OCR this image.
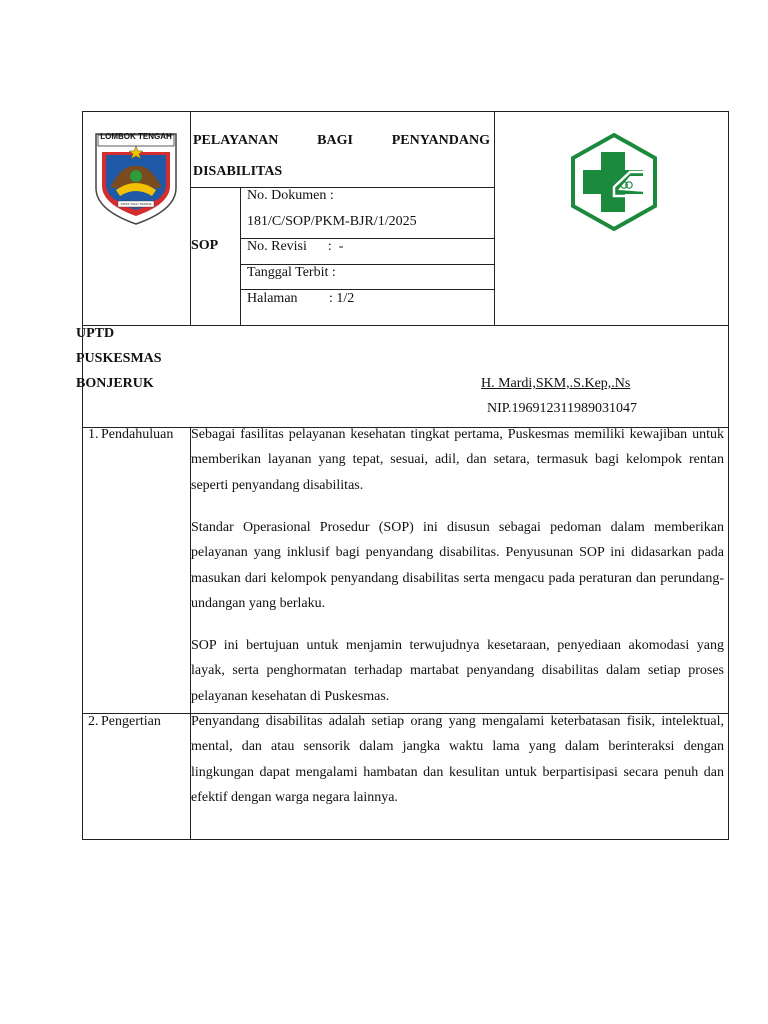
LOMBOK TENGAH
TATAS TUHU TRASNA
PELAYANAN BAGI PENYANDANG
DISABILITAS
SOP
No. Dokumen :
181/C/SOP/PKM-BJR/1/2025
No. Revisi      :  -
Tanggal Terbit :
Halaman         : 1/2
UPTD
PUSKESMAS
BONJERUK	H. Mardi,SKM,.S.Kep,.Ns
NIP.196912311989031047
1. Pendahuluan Sebagai fasilitas pelayanan kesehatan tingkat pertama, Puskesmas memiliki kewajiban untuk memberikan layanan yang tepat, sesuai, adil, dan setara, termasuk bagi kelompok rentan seperti penyandang disabilitas.

Standar Operasional Prosedur (SOP) ini disusun sebagai pedoman dalam memberikan pelayanan yang inklusif bagi penyandang disabilitas. Penyusunan SOP ini didasarkan pada masukan dari kelompok penyandang disabilitas serta mengacu pada peraturan dan perundang-undangan yang berlaku.

SOP ini bertujuan untuk menjamin terwujudnya kesetaraan, penyediaan akomodasi yang layak, serta penghormatan terhadap martabat penyandang disabilitas dalam setiap proses pelayanan kesehatan di Puskesmas.

2. Pengertian Penyandang disabilitas adalah setiap orang yang mengalami keterbatasan fisik, intelektual, mental, dan atau sensorik dalam jangka waktu lama yang dalam berinteraksi dengan lingkungan dapat mengalami hambatan dan kesulitan untuk berpartisipasi secara penuh dan efektif dengan warga negara lainnya.
